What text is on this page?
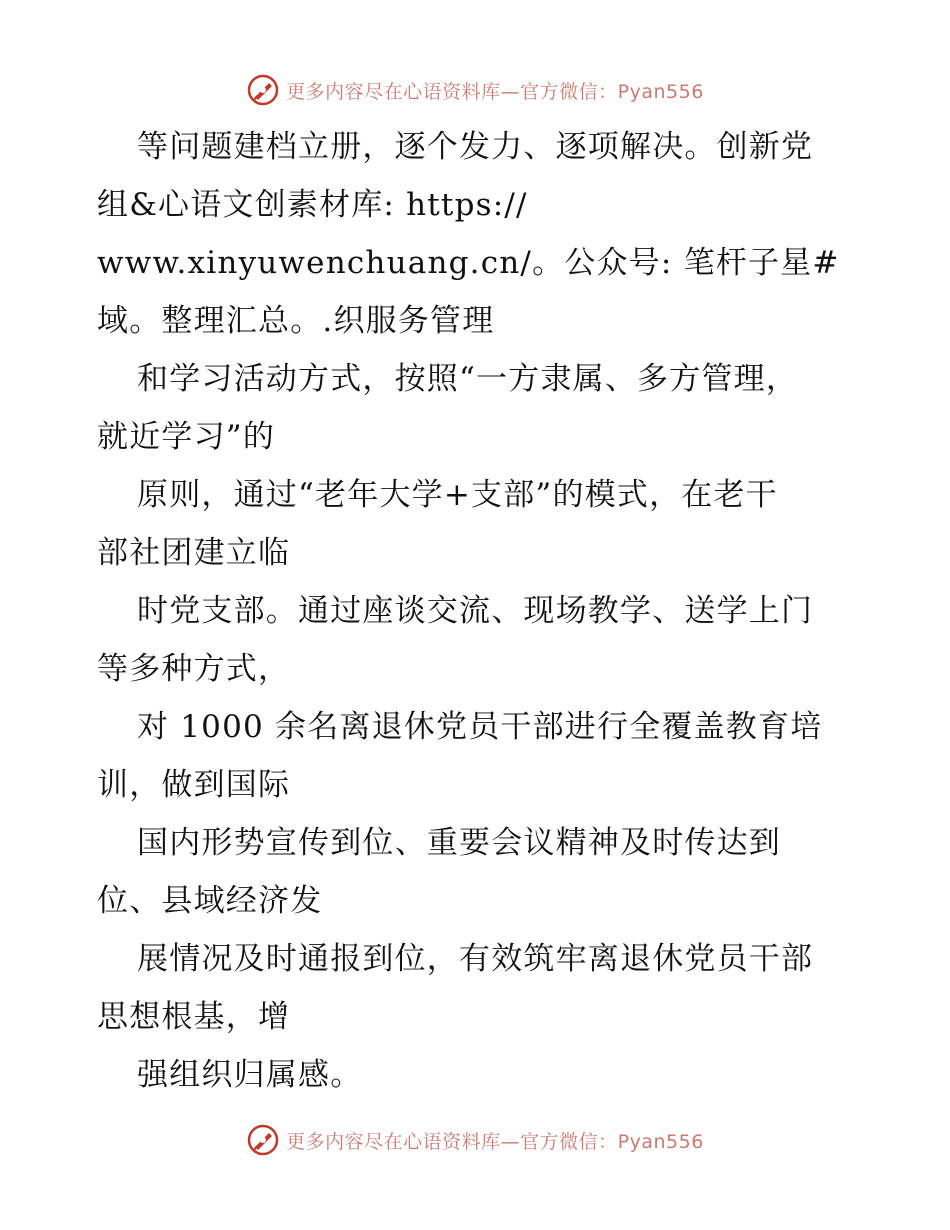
更多内容尽在心语资料库—官方微信：Pyan556
等问题建档立册，逐个发力、逐项解决。创新党
组&心语文创素材库: https://
www.xinyuwenchuang.cn/。公众号: 笔杆子星#
域。整理汇总。.织服务管理
和学习活动方式，按照“一方隶属、多方管理，
就近学习”的
原则，通过“老年大学+支部”的模式，在老干
部社团建立临
时党支部。通过座谈交流、现场教学、送学上门
等多种方式，
对 1000 余名离退休党员干部进行全覆盖教育培
训，做到国际
国内形势宣传到位、重要会议精神及时传达到
位、县域经济发
展情况及时通报到位，有效筑牢离退休党员干部
思想根基，增
强组织归属感。
更多内容尽在心语资料库—官方微信：Pyan556
